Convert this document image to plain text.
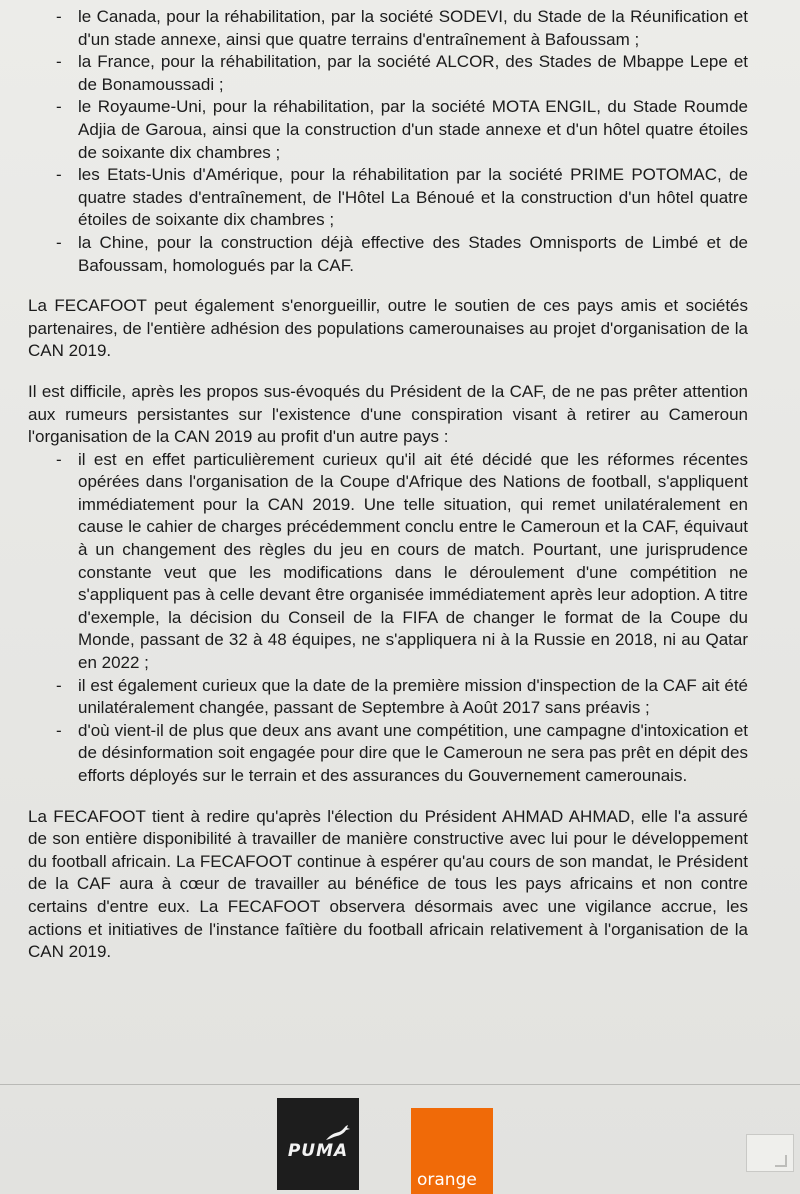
- le Canada, pour la réhabilitation, par la société SODEVI, du Stade de la Réunification et d'un stade annexe, ainsi que quatre terrains d'entraînement à Bafoussam ;
- la France, pour la réhabilitation, par la société ALCOR, des Stades de Mbappe Lepe et de Bonamoussadi ;
- le Royaume-Uni, pour la réhabilitation, par la société MOTA ENGIL, du Stade Roumde Adjia de Garoua, ainsi que la construction d'un stade annexe et d'un hôtel quatre étoiles de soixante dix chambres ;
- les Etats-Unis d'Amérique, pour la réhabilitation par la société PRIME POTOMAC, de quatre stades d'entraînement, de l'Hôtel La Bénoué et la construction d'un hôtel quatre étoiles de soixante dix chambres ;
- la Chine, pour la construction déjà effective des Stades Omnisports de Limbé et de Bafoussam, homologués par la CAF.

La FECAFOOT peut également s'enorgueillir, outre le soutien de ces pays amis et sociétés partenaires, de l'entière adhésion des populations camerounaises au projet d'organisation de la CAN 2019.

Il est difficile, après les propos sus-évoqués du Président de la CAF, de ne pas prêter attention aux rumeurs persistantes sur l'existence d'une conspiration visant à retirer au Cameroun l'organisation de la CAN 2019 au profit d'un autre pays :

- il est en effet particulièrement curieux qu'il ait été décidé que les réformes récentes opérées dans l'organisation de la Coupe d'Afrique des Nations de football, s'appliquent immédiatement pour la CAN 2019. Une telle situation, qui remet unilatéralement en cause le cahier de charges précédemment conclu entre le Cameroun et la CAF, équivaut à un changement des règles du jeu en cours de match. Pourtant, une jurisprudence constante veut que les modifications dans le déroulement d'une compétition ne s'appliquent pas à celle devant être organisée immédiatement après leur adoption. A titre d'exemple, la décision du Conseil de la FIFA de changer le format de la Coupe du Monde, passant de 32 à 48 équipes, ne s'appliquera ni à la Russie en 2018, ni au Qatar en 2022 ;
- il est également curieux que la date de la première mission d'inspection de la CAF ait été unilatéralement changée, passant de Septembre à Août 2017 sans préavis ;
- d'où vient-il de plus que deux ans avant une compétition, une campagne d'intoxication et de désinformation soit engagée pour dire que le Cameroun ne sera pas prêt en dépit des efforts déployés sur le terrain et des assurances du Gouvernement camerounais.

La FECAFOOT tient à redire qu'après l'élection du Président AHMAD AHMAD, elle l'a assuré de son entière disponibilité à travailler de manière constructive avec lui pour le développement du football africain. La FECAFOOT continue à espérer qu'au cours de son mandat, le Président de la CAF aura à cœur de travailler au bénéfice de tous les pays africains et non contre certains d'entre eux. La FECAFOOT observera désormais avec une vigilance accrue, les actions et initiatives de l'instance faîtière du football africain relativement à l'organisation de la CAN 2019.

PUMA
orange
